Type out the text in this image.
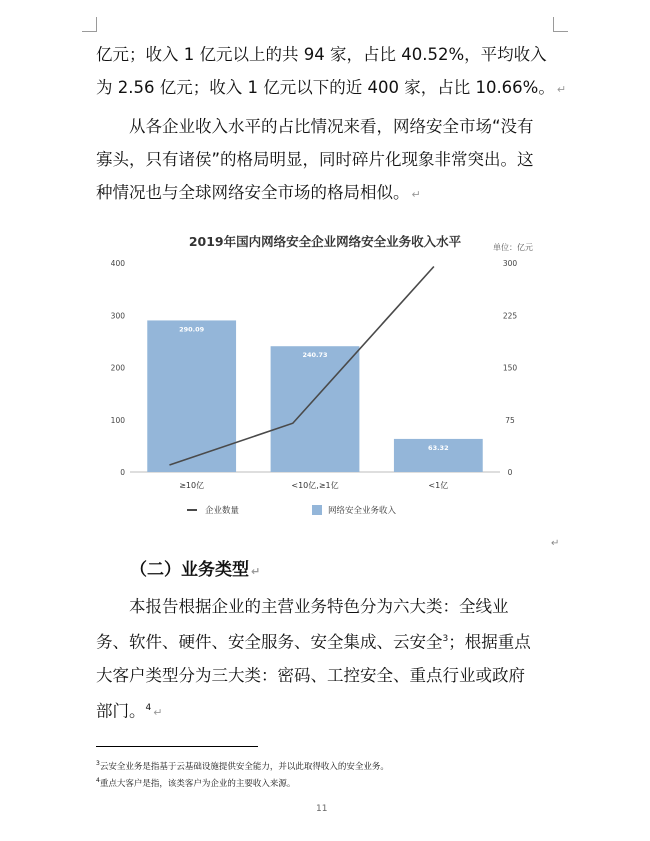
亿元；收入 1 亿元以上的共 94 家，占比 40.52%，平均收入
为 2.56 亿元；收入 1 亿元以下的近 400 家，占比 10.66%。 ↵
从各企业收入水平的占比情况来看，网络安全市场“没有
寡头，只有诸侯”的格局明显，同时碎片化现象非常突出。这
种情况也与全球网络安全市场的格局相似。 ↵
2019年国内网络安全企业网络安全业务收入水平	单位：亿元
0
100
200
300
400
0
75
150
225
300
290.09
240.73
63.32
≥10亿	<10亿,≥1亿	<1亿
企业数量	网络安全业务收入
↵
（二）业务类型 ↵
本报告根据企业的主营业务特色分为六大类：全线业
务、软件、硬件、安全服务、安全集成、云安全$^3$；根据重点
大客户类型分为三大类：密码、工控安全、重点行业或政府
部门。$^4$ ↵
$^3$云安全业务是指基于云基础设施提供安全能力，并以此取得收入的安全业务。
$^4$重点大客户是指，该类客户为企业的主要收入来源。
11
